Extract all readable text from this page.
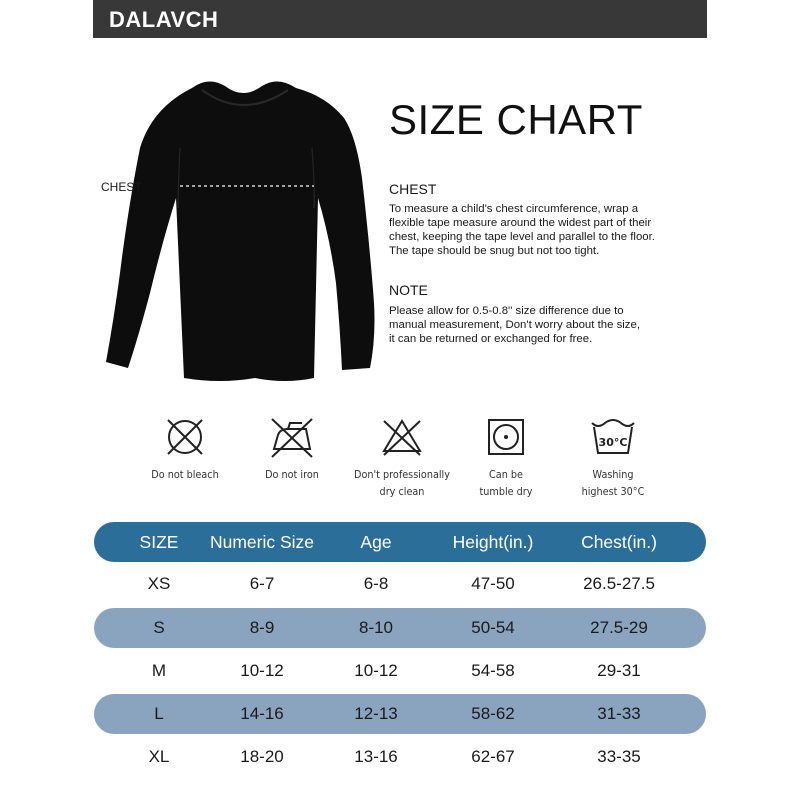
DALAVCH
CHEST
SIZE CHART
CHEST
To measure a child's chest circumference, wrap a
flexible tape measure around the widest part of their
chest, keeping the tape level and parallel to the floor.
The tape should be snug but not too tight.
NOTE
Please allow for 0.5-0.8'' size difference due to
manual measurement, Don't worry about the size,
it can be returned or exchanged for free.
Do not bleach	Do not iron	Don't professionally
dry clean
Can be
tumble dry
30°C
Washing
highest 30°C
SIZE	Numeric Size	Age	Height(in.)	Chest(in.)
XS	6-7	6-8	47-50	26.5-27.5
S	8-9	8-10	50-54	27.5-29
M	10-12	10-12	54-58	29-31
L	14-16	12-13	58-62	31-33
XL	18-20	13-16	62-67	33-35
